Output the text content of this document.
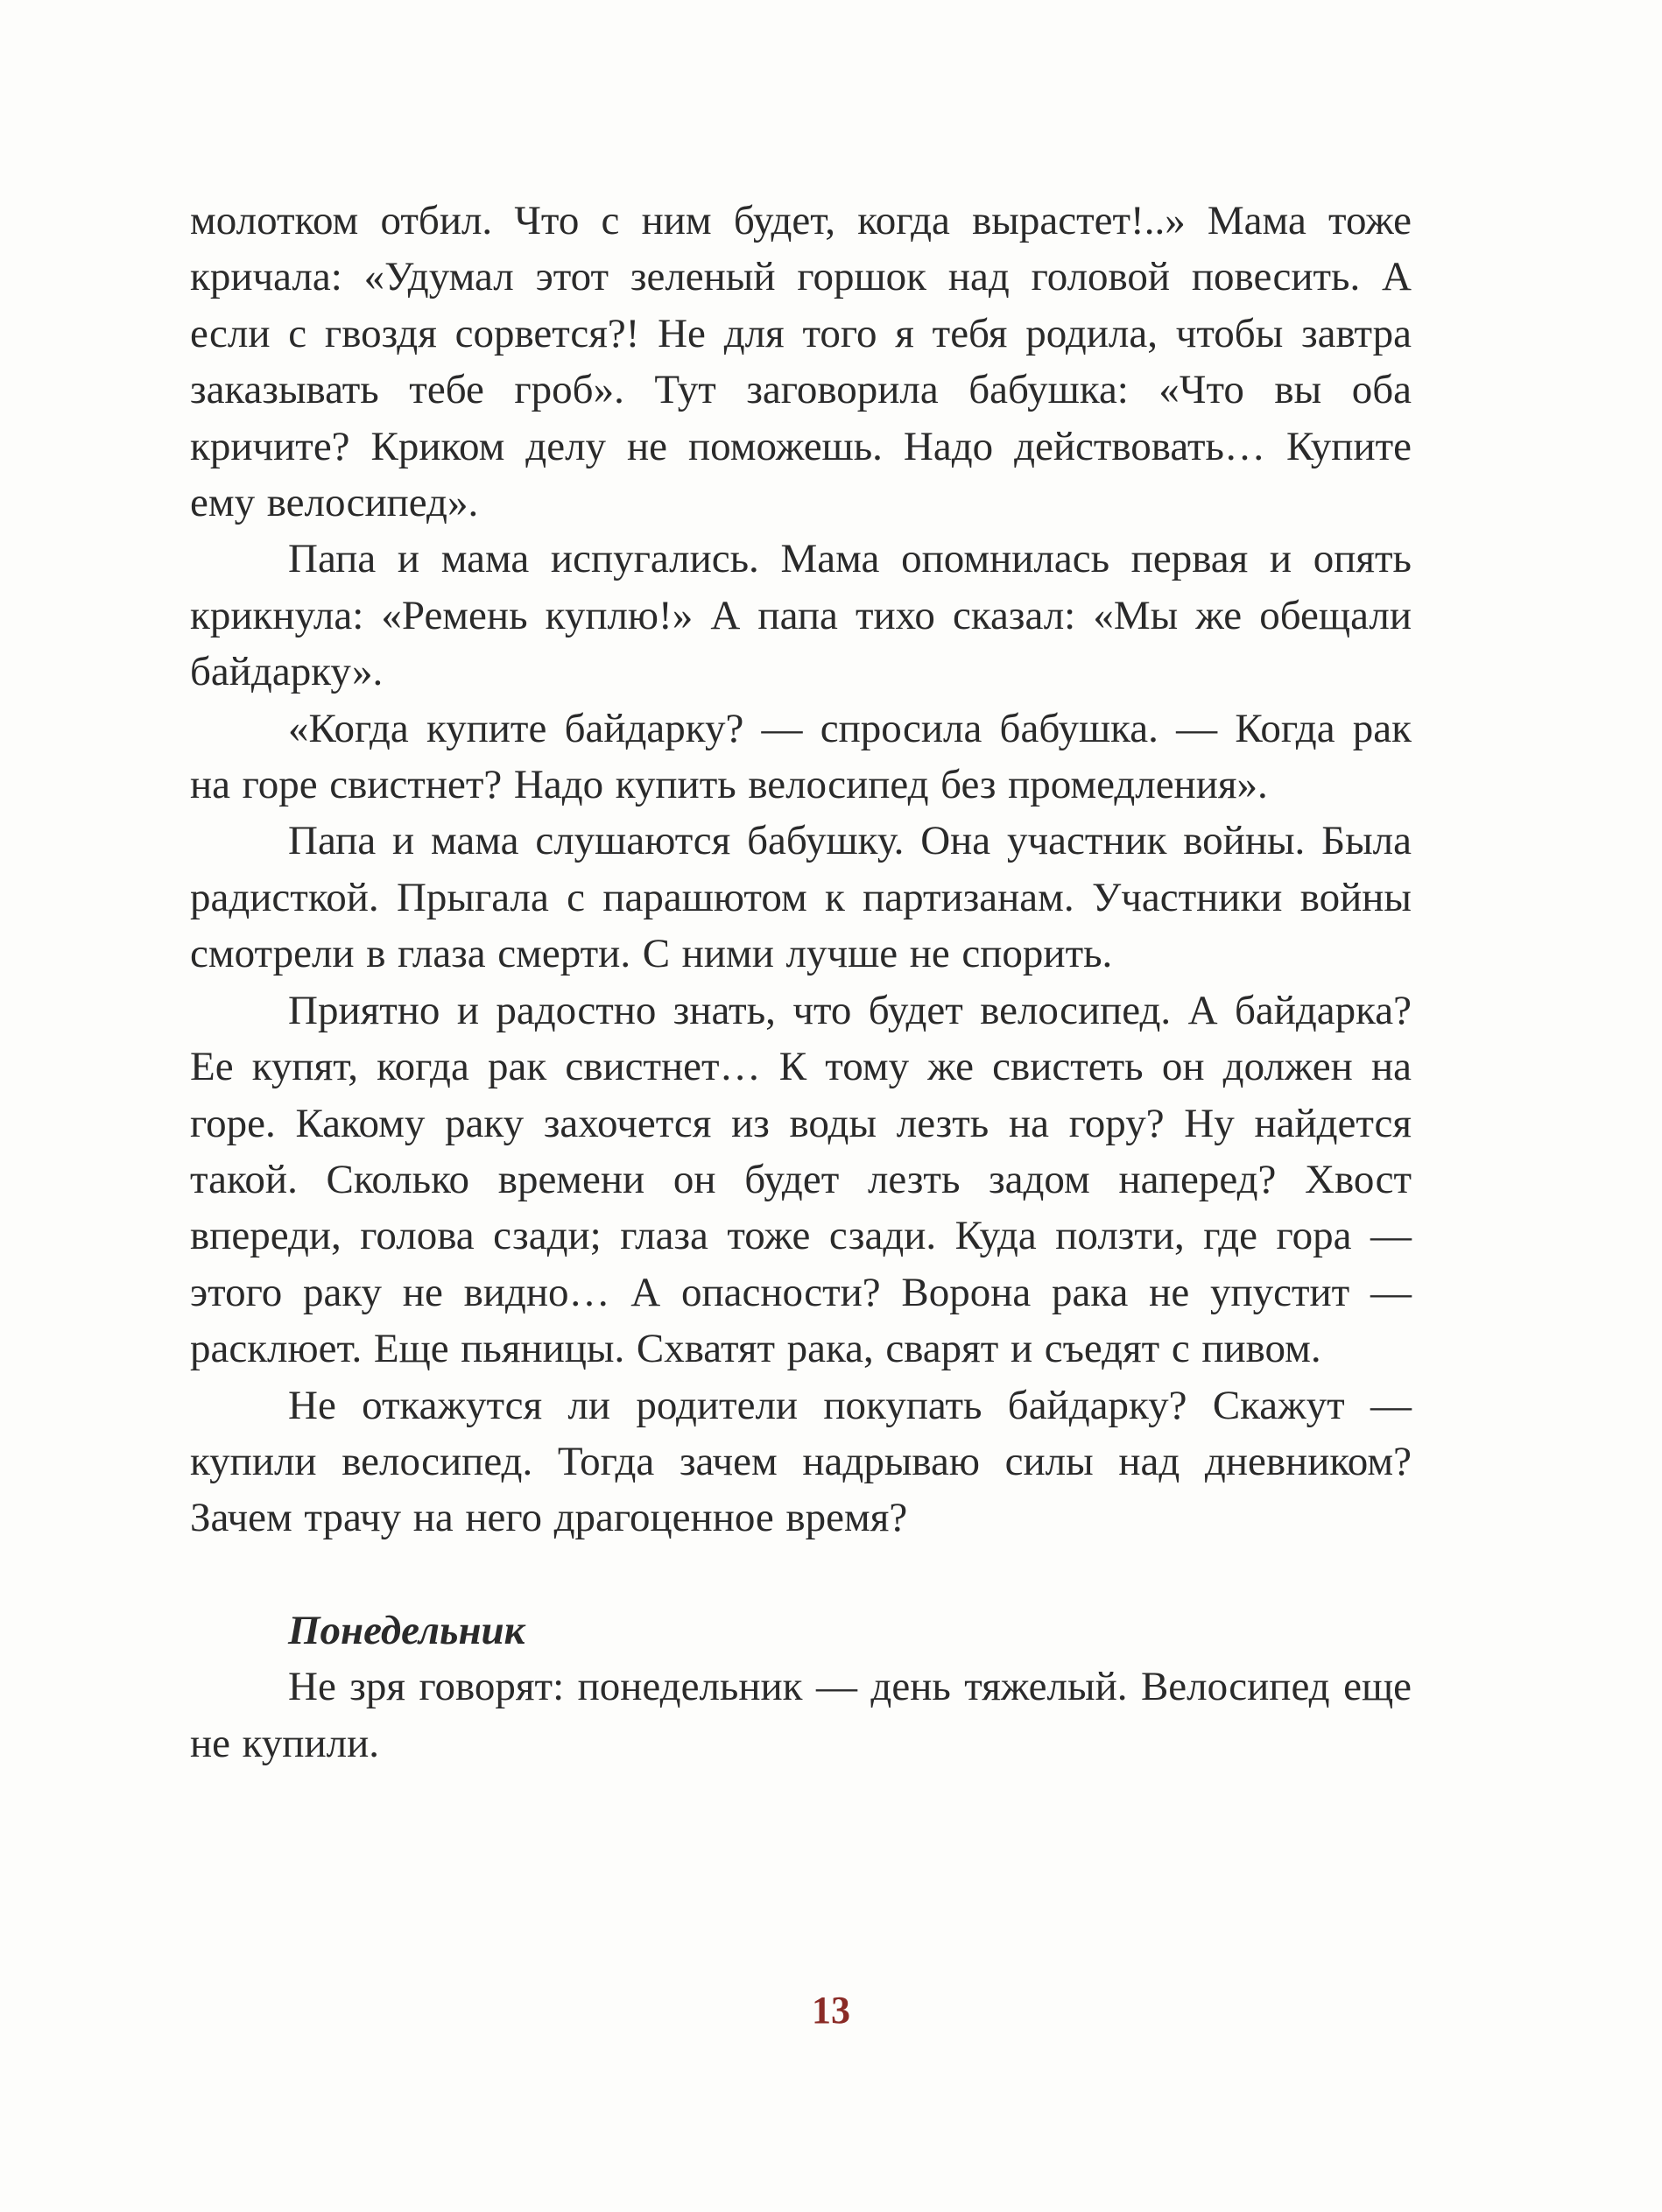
молотком отбил. Что с ним будет, когда вырастет!..» Мама тоже кричала: «Удумал этот зеленый горшок над головой повесить. А если с гвоздя сорвется?! Не для того я тебя родила, чтобы завтра заказывать тебе гроб». Тут заговорила бабушка: «Что вы оба кричите? Криком делу не поможешь. Надо действовать… Купите ему велосипед».

Папа и мама испугались. Мама опомнилась первая и опять крикнула: «Ремень куплю!» А папа тихо сказал: «Мы же обещали байдарку».

«Когда купите байдарку? — спросила бабушка. — Когда рак на горе свистнет? Надо купить велосипед без промедления».

Папа и мама слушаются бабушку. Она участник войны. Была радисткой. Прыгала с парашютом к партизанам. Участники войны смотрели в глаза смерти. С ними лучше не спорить.

Приятно и радостно знать, что будет велосипед. А байдарка? Ее купят, когда рак свистнет… К тому же свистеть он должен на горе. Какому раку захочется из воды лезть на гору? Ну найдется такой. Сколько времени он будет лезть задом наперед? Хвост впереди, голова сзади; глаза тоже сзади. Куда ползти, где гора — этого раку не видно… А опасности? Ворона рака не упустит — расклюет. Еще пьяницы. Схватят рака, сварят и съедят с пивом.

Не откажутся ли родители покупать байдарку? Скажут — купили велосипед. Тогда зачем надрываю силы над дневником? Зачем трачу на него драгоценное время?

Понедельник

Не зря говорят: понедельник — день тяжелый. Велосипед еще не купили.

13
